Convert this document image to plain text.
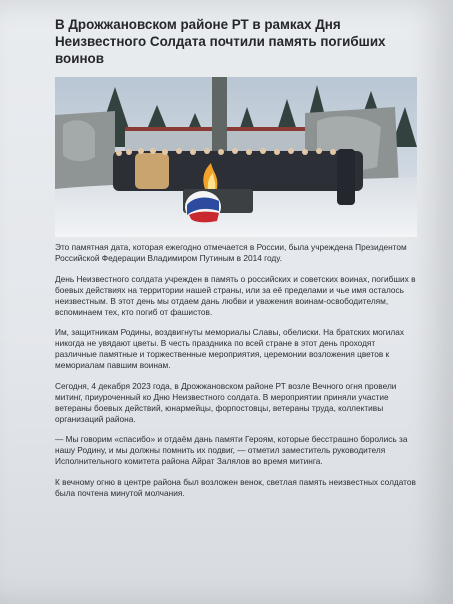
В Дрожжановском районе РТ в рамках Дня Неизвестного Солдата почтили память погибших воинов

Это памятная дата, которая ежегодно отмечается в России, была учреждена Президентом Российской Федерации Владимиром Путиным в 2014 году.

День Неизвестного солдата учрежден в память о российских и советских воинах, погибших в боевых действиях на территории нашей страны, или за её пределами и чье имя осталось неизвестным. В этот день мы отдаем дань любви и уважения воинам-освободителям, вспоминаем тех, кто погиб от фашистов.

Им, защитникам Родины, воздвигнуты мемориалы Славы, обелиски. На братских могилах никогда не увядают цветы. В честь праздника по всей стране в этот день проходят различные памятные и торжественные мероприятия, церемонии возложения цветов к мемориалам павшим воинам.

Сегодня, 4 декабря 2023 года, в Дрожжановском районе РТ возле Вечного огня провели митинг, приуроченный ко Дню Неизвестного солдата. В мероприятии приняли участие ветераны боевых действий, юнармейцы, форпостовцы, ветераны труда, коллективы организаций района.

— Мы говорим «спасибо» и отдаём дань памяти Героям, которые бесстрашно боролись за нашу Родину, и мы должны помнить их подвиг, — отметил заместитель руководителя Исполнительного комитета района Айрат Залялов во время митинга.

К вечному огню в центре района был возложен венок, светлая память неизвестных солдатов была почтена минутой молчания.
